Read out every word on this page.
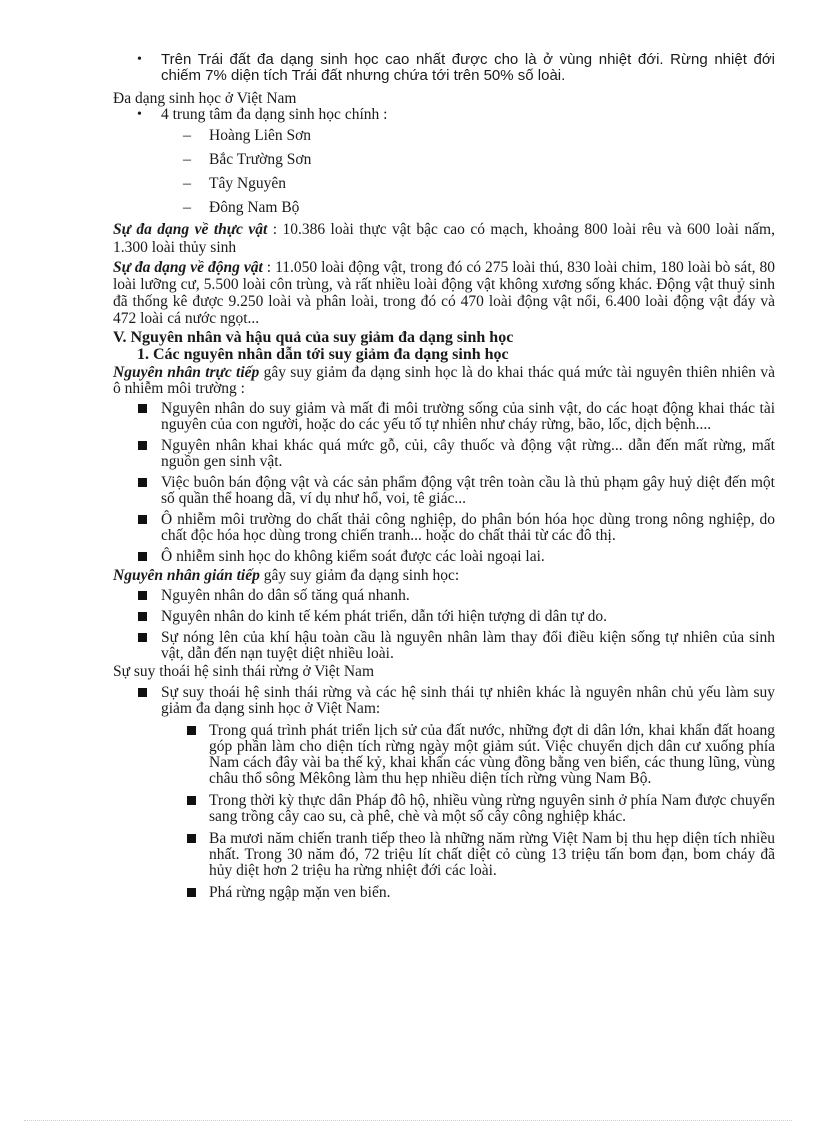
• Trên Trái đất đa dạng sinh học cao nhất được cho là ở vùng nhiệt đới. Rừng nhiệt đới chiếm 7% diện tích Trái đất nhưng chứa tới trên 50% số loài.

Đa dạng sinh học ở Việt Nam

• 4 trung tâm đa dạng sinh học chính :

– Hoàng Liên Sơn
– Bắc Trường Sơn
– Tây Nguyên
– Đông Nam Bộ

Sự đa dạng về thực vật : 10.386 loài thực vật bậc cao có mạch, khoảng 800 loài rêu và 600 loài nấm, 1.300 loài thủy sinh

Sự đa dạng về động vật : 11.050 loài động vật, trong đó có 275 loài thú, 830 loài chim, 180 loài bò sát, 80 loài lưỡng cư, 5.500 loài côn trùng, và rất nhiều loài động vật không xương sống khác. Động vật thuỷ sinh đã thống kê được 9.250 loài và phân loài, trong đó có 470 loài động vật nổi, 6.400 loài động vật đáy và 472 loài cá nước ngọt...

V. Nguyên nhân và hậu quả của suy giảm đa dạng sinh học

1. Các nguyên nhân dẫn tới suy giảm đa dạng sinh học

Nguyên nhân trực tiếp gây suy giảm đa dạng sinh học là do khai thác quá mức tài nguyên thiên nhiên và ô nhiễm môi trường :

Nguyên nhân do suy giảm và mất đi môi trường sống của sinh vật, do các hoạt động khai thác tài nguyên của con người, hoặc do các yếu tố tự nhiên như cháy rừng, bão, lốc, dịch bệnh....

Nguyên nhân khai khác quá mức gỗ, củi, cây thuốc và động vật rừng... dẫn đến mất rừng, mất nguồn gen sinh vật.

Việc buôn bán động vật và các sản phẩm động vật trên toàn cầu là thủ phạm gây huỷ diệt đến một số quần thể hoang dã, ví dụ như hổ, voi, tê giác...

Ô nhiễm môi trường do chất thải công nghiệp, do phân bón hóa học dùng trong nông nghiệp, do chất độc hóa học dùng trong chiến tranh... hoặc do chất thải từ các đô thị.

Ô nhiễm sinh học do không kiểm soát được các loài ngoại lai.

Nguyên nhân gián tiếp gây suy giảm đa dạng sinh học:

Nguyên nhân do dân số tăng quá nhanh.

Nguyên nhân do kinh tế kém phát triển, dẫn tới hiện tượng di dân tự do.

Sự nóng lên của khí hậu toàn cầu là nguyên nhân làm thay đổi điều kiện sống tự nhiên của sinh vật, dẫn đến nạn tuyệt diệt nhiều loài.

Sự suy thoái hệ sinh thái rừng ở Việt Nam

Sự suy thoái hệ sinh thái rừng và các hệ sinh thái tự nhiên khác là nguyên nhân chủ yếu làm suy giảm đa dạng sinh học ở Việt Nam:

Trong quá trình phát triển lịch sử của đất nước, những đợt di dân lớn, khai khẩn đất hoang góp phần làm cho diện tích rừng ngày một giảm sút. Việc chuyển dịch dân cư xuống phía Nam cách đây vài ba thế kỷ, khai khẩn các vùng đồng bằng ven biển, các thung lũng, vùng châu thổ sông Mêkông làm thu hẹp nhiều diện tích rừng vùng Nam Bộ.

Trong thời kỳ thực dân Pháp đô hộ, nhiều vùng rừng nguyên sinh ở phía Nam được chuyển sang trồng cây cao su, cà phê, chè và một số cây công nghiệp khác.

Ba mươi năm chiến tranh tiếp theo là những năm rừng Việt Nam bị thu hẹp diện tích nhiều nhất. Trong 30 năm đó, 72 triệu lít chất diệt cỏ cùng 13 triệu tấn bom đạn, bom cháy đã hủy diệt hơn 2 triệu ha rừng nhiệt đới các loài.

Phá rừng ngập mặn ven biển.
